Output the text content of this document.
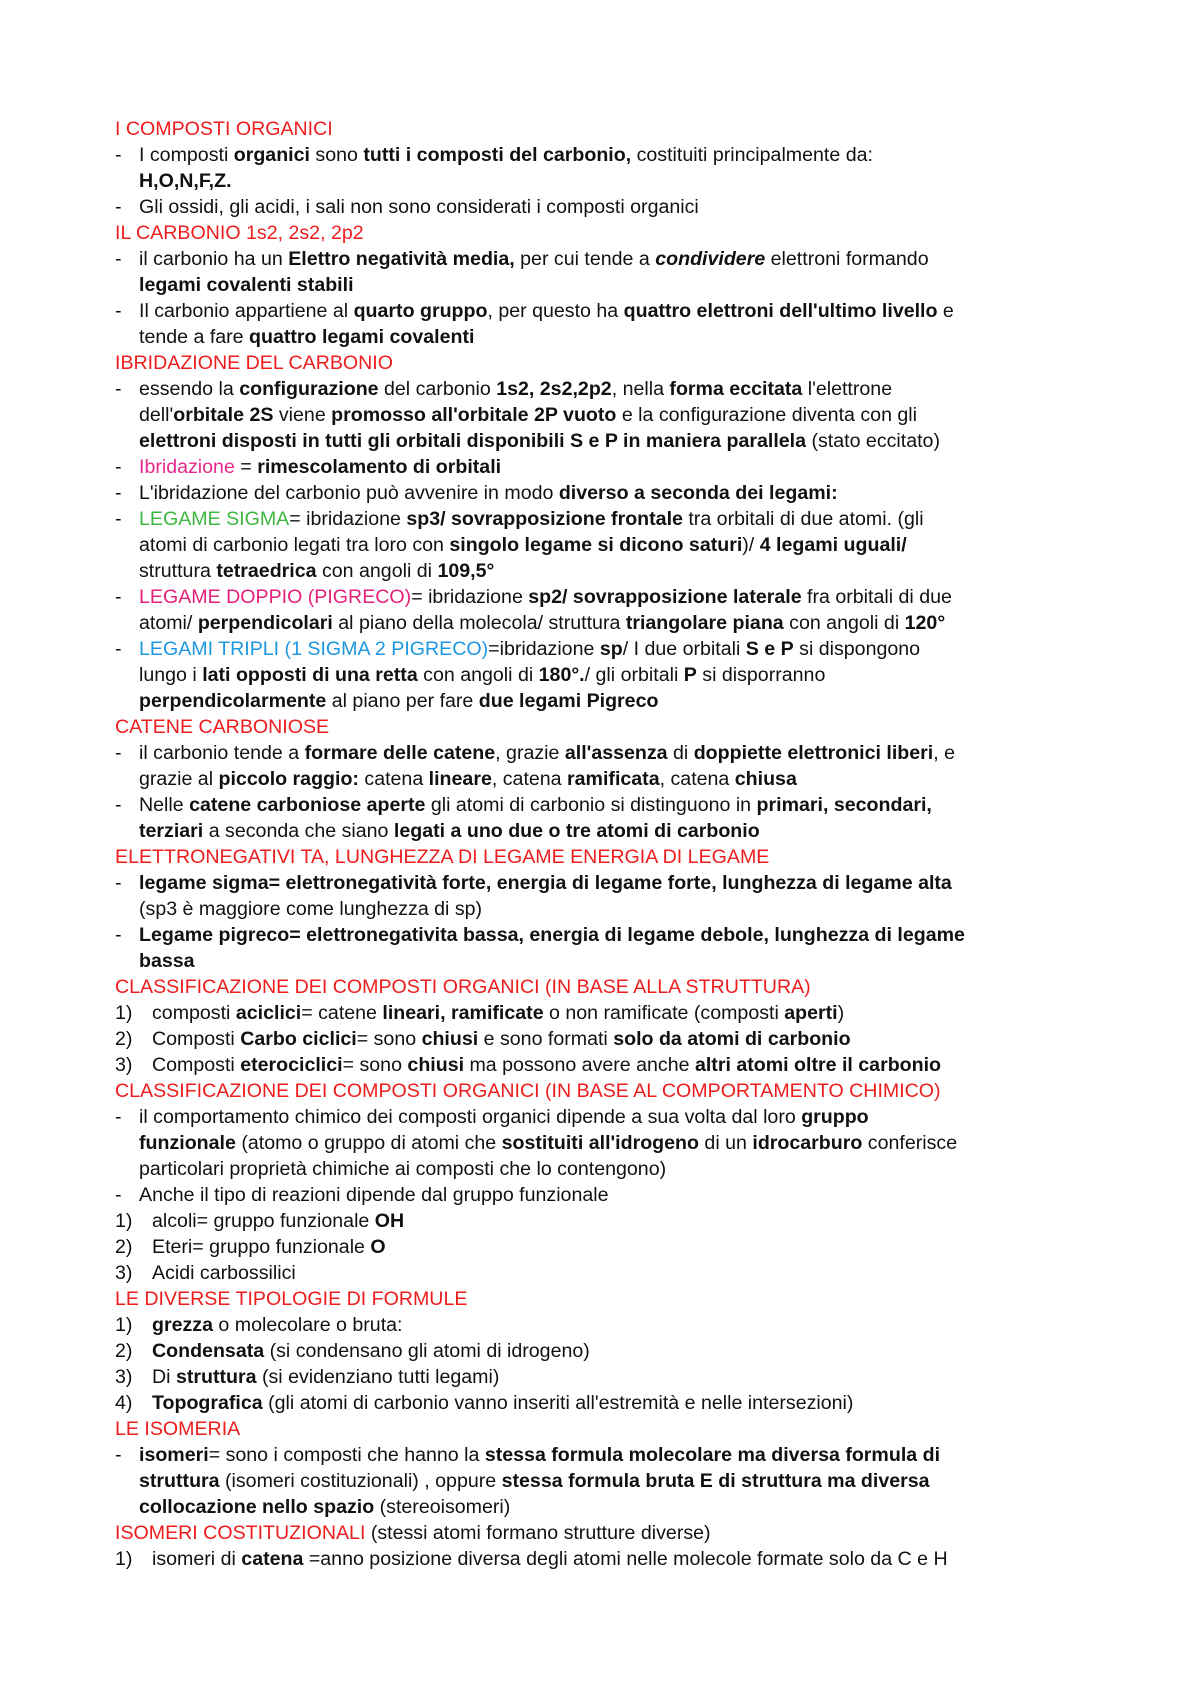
I COMPOSTI ORGANICI
- I composti organici sono tutti i composti del carbonio, costituiti principalmente da:
H,O,N,F,Z.
- Gli ossidi, gli acidi, i sali non sono considerati i composti organici
IL CARBONIO 1s2, 2s2, 2p2
- il carbonio ha un Elettro negatività media, per cui tende a condividere elettroni formando
legami covalenti stabili
- Il carbonio appartiene al quarto gruppo, per questo ha quattro elettroni dell'ultimo livello e
tende a fare quattro legami covalenti
IBRIDAZIONE DEL CARBONIO
- essendo la configurazione del carbonio 1s2, 2s2,2p2, nella forma eccitata l'elettrone
dell'orbitale 2S viene promosso all'orbitale 2P vuoto e la configurazione diventa con gli
elettroni disposti in tutti gli orbitali disponibili S e P in maniera parallela (stato eccitato)
- Ibridazione = rimescolamento di orbitali
- L'ibridazione del carbonio può avvenire in modo diverso a seconda dei legami:
- LEGAME SIGMA= ibridazione sp3/ sovrapposizione frontale tra orbitali di due atomi. (gli
atomi di carbonio legati tra loro con singolo legame si dicono saturi)/ 4 legami uguali/
struttura tetraedrica con angoli di 109,5°
- LEGAME DOPPIO (PIGRECO)= ibridazione sp2/ sovrapposizione laterale fra orbitali di due
atomi/ perpendicolari al piano della molecola/ struttura triangolare piana con angoli di 120°
- LEGAMI TRIPLI (1 SIGMA 2 PIGRECO)=ibridazione sp/ I due orbitali S e P si dispongono
lungo i lati opposti di una retta con angoli di 180°./ gli orbitali P si disporranno
perpendicolarmente al piano per fare due legami Pigreco
CATENE CARBONIOSE
- il carbonio tende a formare delle catene, grazie all'assenza di doppiette elettronici liberi, e
grazie al piccolo raggio: catena lineare, catena ramificata, catena chiusa
- Nelle catene carboniose aperte gli atomi di carbonio si distinguono in primari, secondari,
terziari a seconda che siano legati a uno due o tre atomi di carbonio
ELETTRONEGATIVI TA, LUNGHEZZA DI LEGAME ENERGIA DI LEGAME
- legame sigma= elettronegatività forte, energia di legame forte, lunghezza di legame alta
(sp3 è maggiore come lunghezza di sp)
- Legame pigreco= elettronegativita bassa, energia di legame debole, lunghezza di legame
bassa
CLASSIFICAZIONE DEI COMPOSTI ORGANICI (IN BASE ALLA STRUTTURA)
1) composti aciclici= catene lineari, ramificate o non ramificate (composti aperti)
2) Composti Carbo ciclici= sono chiusi e sono formati solo da atomi di carbonio
3) Composti eterociclici= sono chiusi ma possono avere anche altri atomi oltre il carbonio
CLASSIFICAZIONE DEI COMPOSTI ORGANICI (IN BASE AL COMPORTAMENTO CHIMICO)
- il comportamento chimico dei composti organici dipende a sua volta dal loro gruppo
funzionale (atomo o gruppo di atomi che sostituiti all'idrogeno di un idrocarburo conferisce
particolari proprietà chimiche ai composti che lo contengono)
- Anche il tipo di reazioni dipende dal gruppo funzionale
1) alcoli= gruppo funzionale OH
2) Eteri= gruppo funzionale O
3) Acidi carbossilici
LE DIVERSE TIPOLOGIE DI FORMULE
1) grezza o molecolare o bruta:
2) Condensata (si condensano gli atomi di idrogeno)
3) Di struttura (si evidenziano tutti legami)
4) Topografica (gli atomi di carbonio vanno inseriti all'estremità e nelle intersezioni)
LE ISOMERIA
- isomeri= sono i composti che hanno la stessa formula molecolare ma diversa formula di
struttura (isomeri costituzionali) , oppure stessa formula bruta E di struttura ma diversa
collocazione nello spazio (stereoisomeri)
ISOMERI COSTITUZIONALI (stessi atomi formano strutture diverse)
1) isomeri di catena =anno posizione diversa degli atomi nelle molecole formate solo da C e H
